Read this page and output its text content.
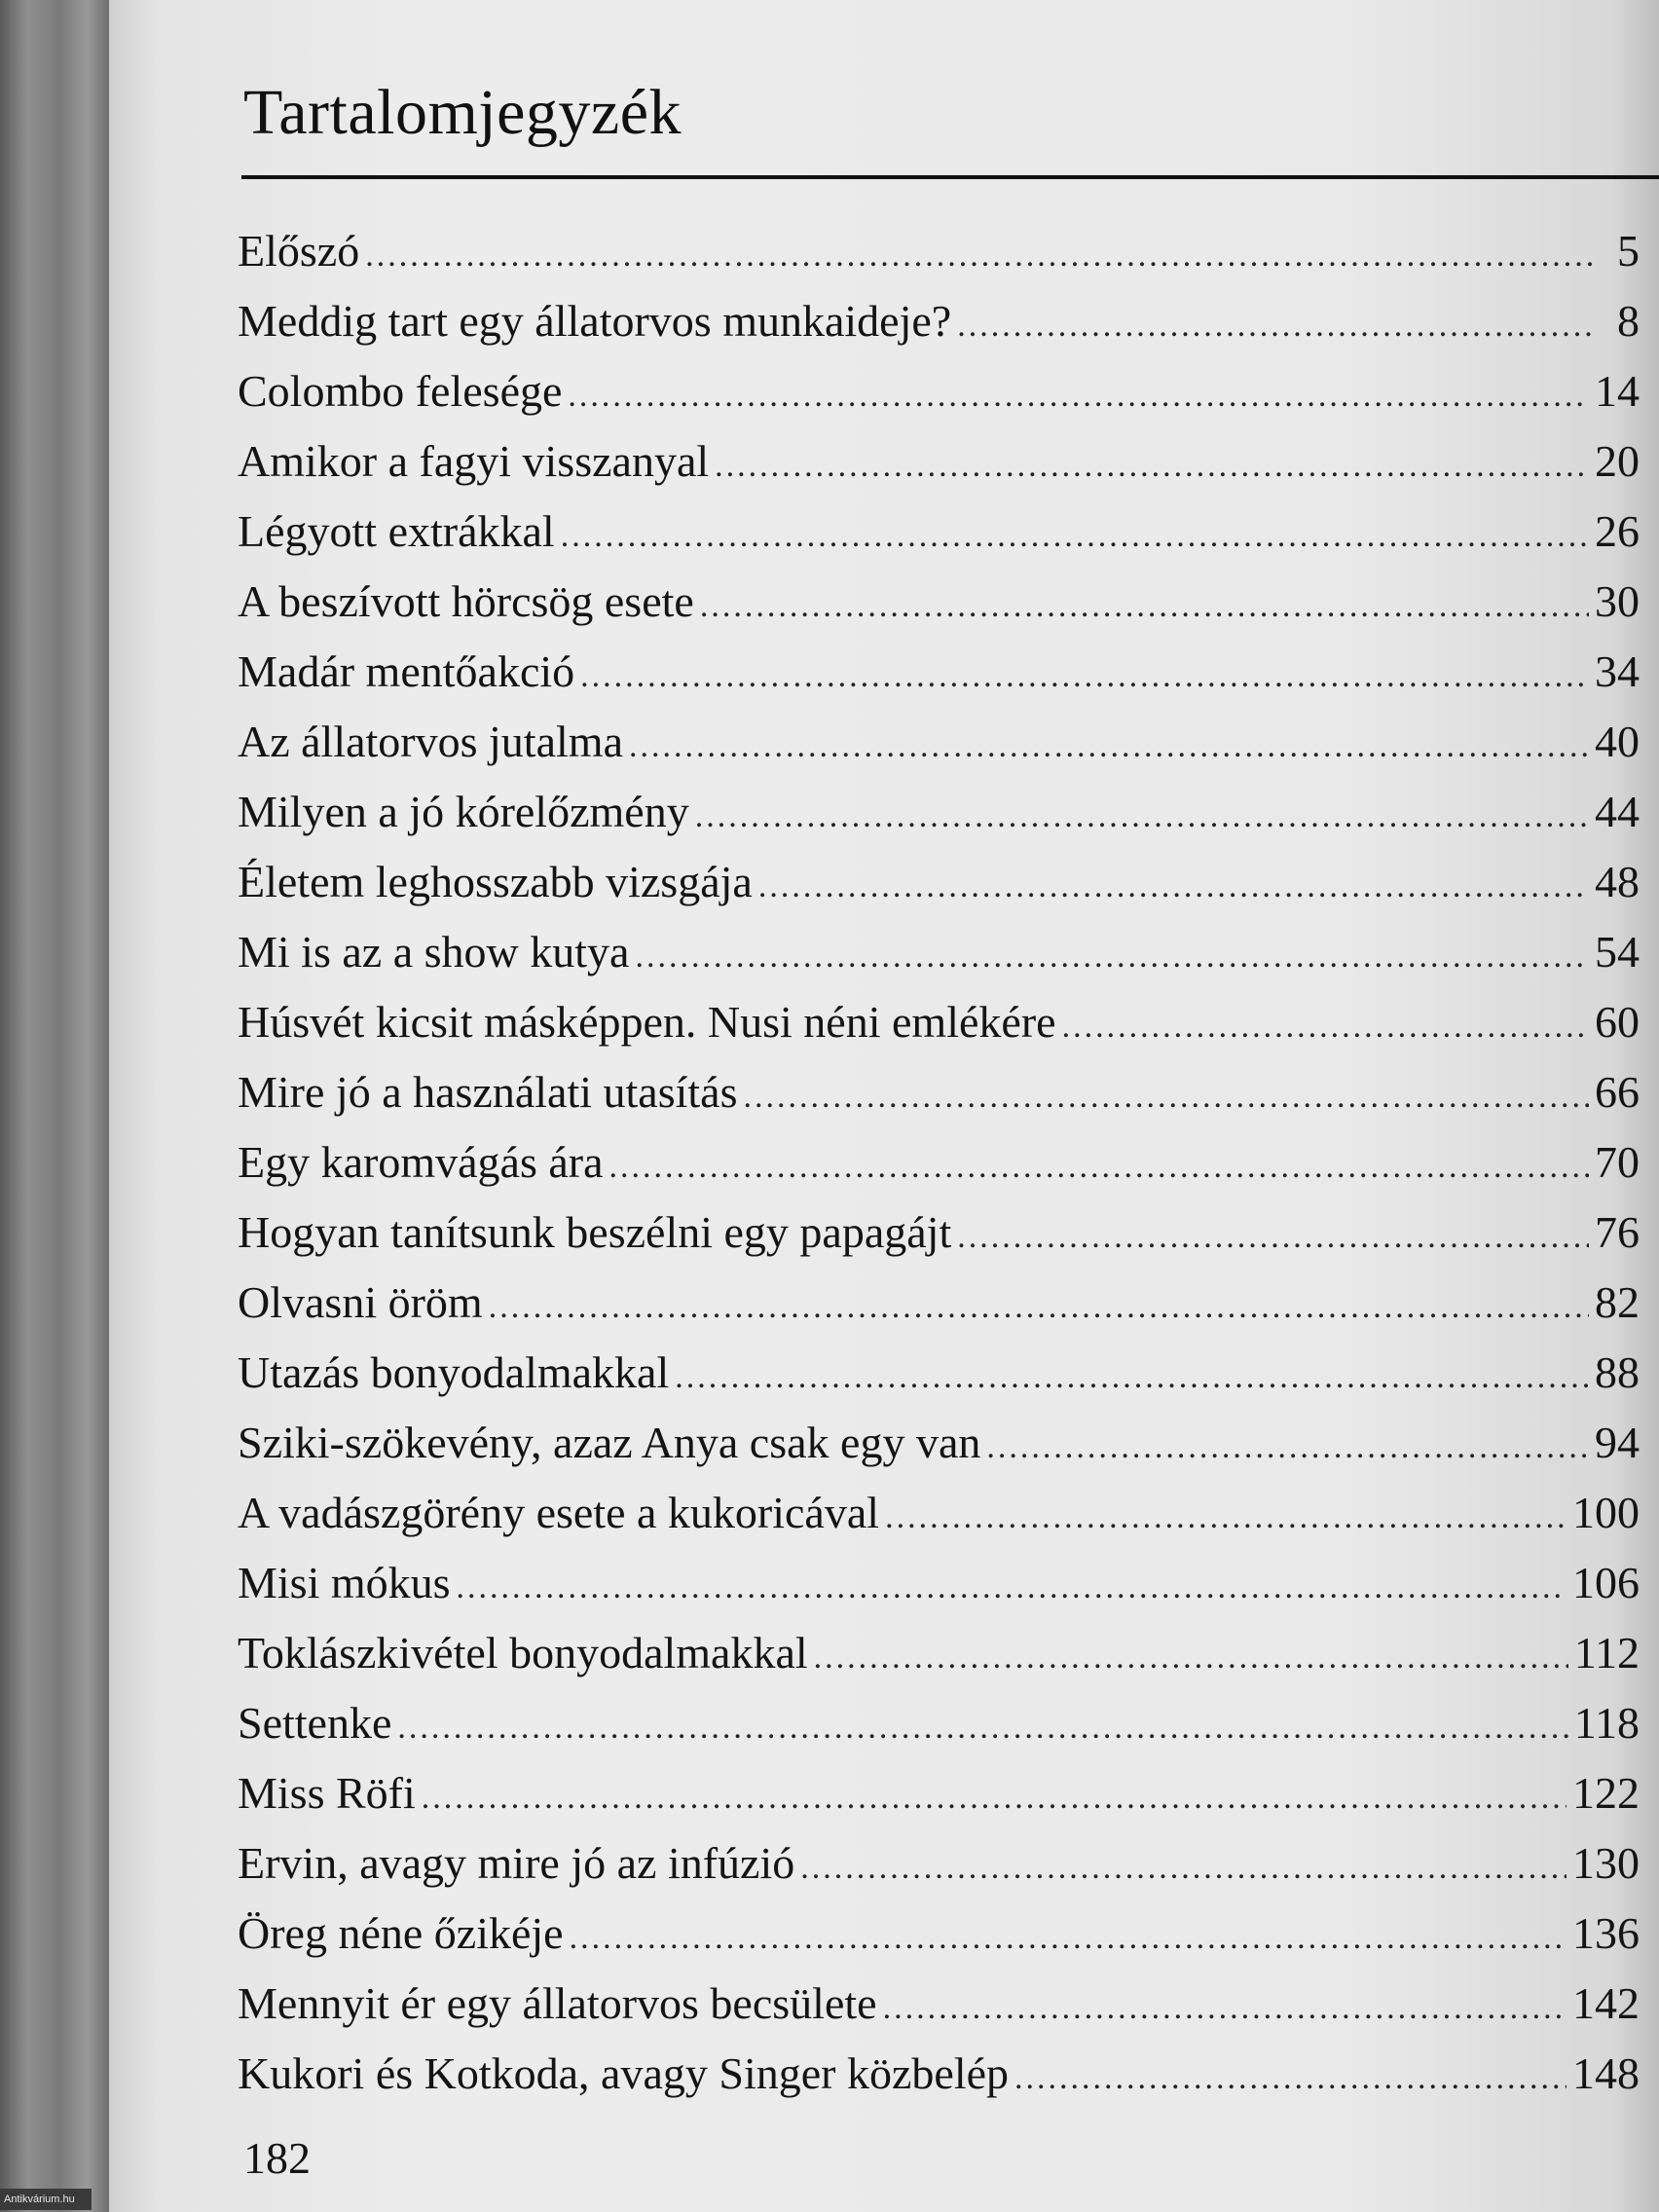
Tartalomjegyzék
Előszó .....	5
Meddig tart egy állatorvos munkaideje? .....	8
Colombo felesége .....	14
Amikor a fagyi visszanyal .....	20
Légyott extrákkal .....	26
A beszívott hörcsög esete .....	30
Madár mentőakció .....	34
Az állatorvos jutalma .....	40
Milyen a jó kórelőzmény .....	44
Életem leghosszabb vizsgája .....	48
Mi is az a show kutya .....	54
Húsvét kicsit másképpen. Nusi néni emlékére .....	60
Mire jó a használati utasítás .....	66
Egy karomvágás ára .....	70
Hogyan tanítsunk beszélni egy papagájt .....	76
Olvasni öröm .....	82
Utazás bonyodalmakkal .....	88
Sziki-szökevény, azaz Anya csak egy van .....	94
A vadászgörény esete a kukoricával .....	100
Misi mókus .....	106
Toklászkivétel bonyodalmakkal .....	112
Settenke .....	118
Miss Röfi .....	122
Ervin, avagy mire jó az infúzió .....	130
Öreg néne őzikéje .....	136
Mennyit ér egy állatorvos becsülete .....	142
Kukori és Kotkoda, avagy Singer közbelép .....	148
182
Antikvárium.hu
